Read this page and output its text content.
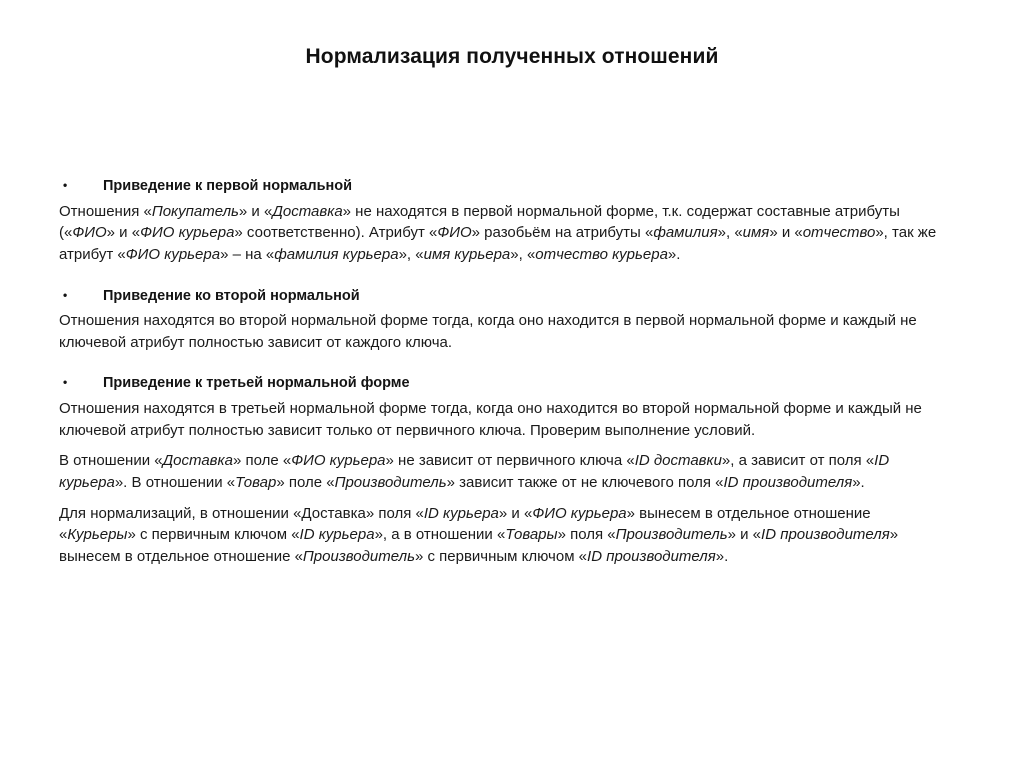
Нормализация полученных отношений
• Приведение к первой нормальной

Отношения «Покупатель» и «Доставка» не находятся в первой нормальной форме, т.к. содержат составные атрибуты («ФИО» и «ФИО курьера» соответственно). Атрибут «ФИО» разобьём на атрибуты «фамилия», «имя» и «отчество», так же атрибут «ФИО курьера» – на «фамилия курьера», «имя курьера», «отчество курьера».

• Приведение ко второй нормальной

Отношения находятся во второй нормальной форме тогда, когда оно находится в первой нормальной форме и каждый не ключевой атрибут полностью зависит от каждого ключа.

• Приведение к третьей нормальной форме

Отношения находятся в третьей нормальной форме тогда, когда оно находится во второй нормальной форме и каждый не ключевой атрибут полностью зависит только от первичного ключа. Проверим выполнение условий.

В отношении «Доставка» поле «ФИО курьера» не зависит от первичного ключа «ID доставки», а зависит от поля «ID курьера». В отношении «Товар» поле «Производитель» зависит также от не ключевого поля «ID производителя».

Для нормализаций, в отношении «Доставка» поля «ID курьера» и «ФИО курьера» вынесем в отдельное отношение «Курьеры» с первичным ключом «ID курьера», а в отношении «Товары» поля «Производитель» и «ID производителя» вынесем в отдельное отношение «Производитель» с первичным ключом «ID производителя».
